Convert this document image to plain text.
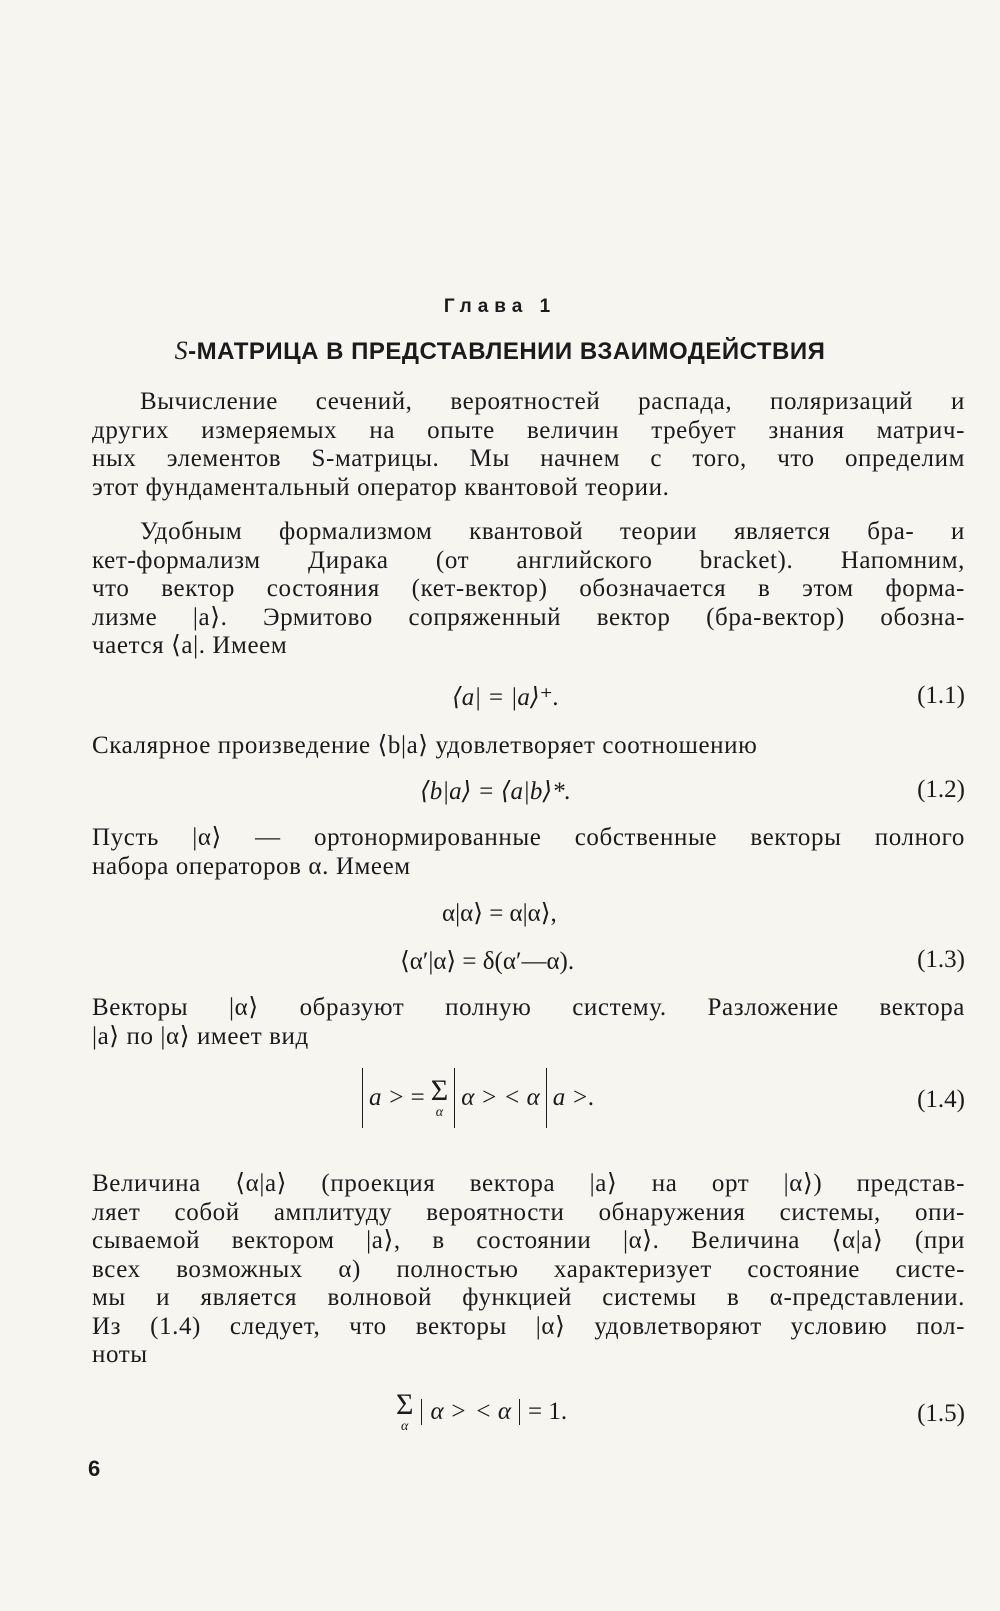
Глава 1
S-МАТРИЦА В ПРЕДСТАВЛЕНИИ ВЗАИМОДЕЙСТВИЯ
Вычисление сечений, вероятностей распада, поляризаций и
других измеряемых на опыте величин требует знания матрич-
ных элементов S-матрицы. Мы начнем с того, что определим
этот фундаментальный оператор квантовой теории.
Удобным формализмом квантовой теории является бра- и
кет-формализм Дирака (от английского bracket). Напомним,
что вектор состояния (кет-вектор) обозначается в этом форма-
лизме |a⟩. Эрмитово сопряженный вектор (бра-вектор) обозна-
чается ⟨a|. Имеем
⟨a| = |a⟩⁺.	(1.1)
Скалярное произведение ⟨b|a⟩ удовлетворяет соотношению
⟨b|a⟩ = ⟨a|b⟩*.	(1.2)
Пусть |α⟩ — ортонормированные собственные векторы полного
набора операторов α. Имеем
α|α⟩ = α|α⟩,
⟨α′|α⟩ = δ(α′—α).	(1.3)
Векторы |α⟩ образуют полную систему. Разложение вектора
|a⟩ по |α⟩ имеет вид
a > = Σ
α
α > < α a >.	(1.4)
Величина ⟨α|a⟩ (проекция вектора |a⟩ на орт |α⟩) представ-
ляет собой амплитуду вероятности обнаружения системы, опи-
сываемой вектором |a⟩, в состоянии |α⟩. Величина ⟨α|a⟩ (при
всех возможных α) полностью характеризует состояние систе-
мы и является волновой функцией системы в α-представлении.
Из (1.4) следует, что векторы |α⟩ удовлетворяют условию пол-
ноты
Σ
α
α > < α = 1.	(1.5)
6
